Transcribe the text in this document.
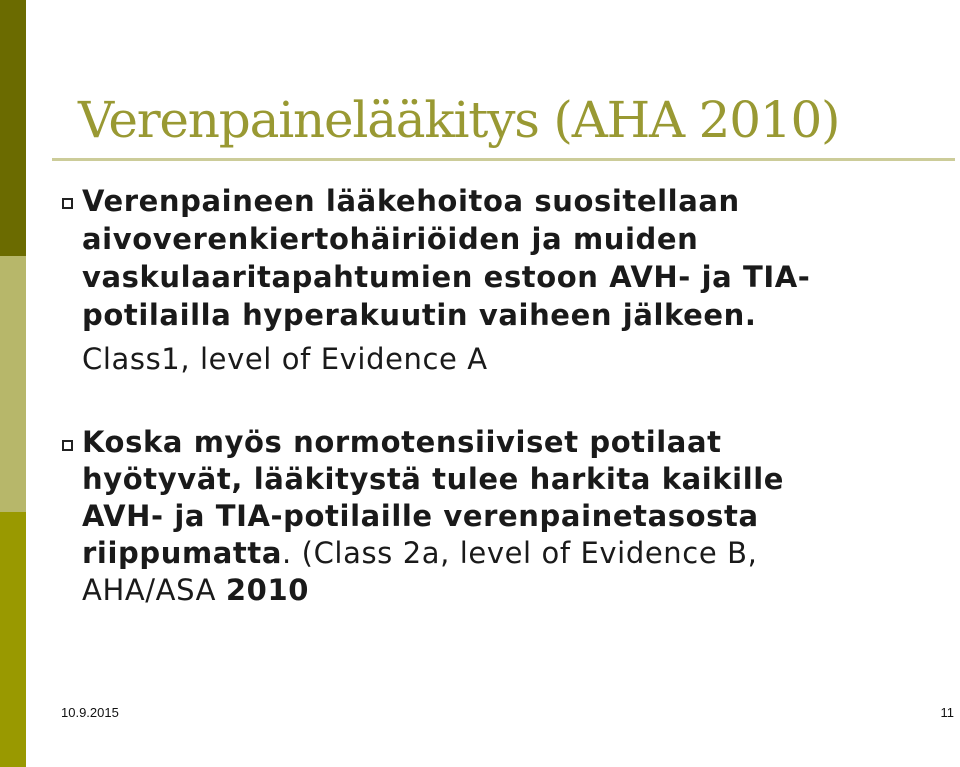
Verenpainelääkitys (AHA 2010)
Verenpaineen lääkehoitoa suositellaan
aivoverenkiertohäiriöiden ja muiden
vaskulaaritapahtumien estoon AVH- ja TIA-
potilailla hyperakuutin vaiheen jälkeen.
Class1, level of Evidence A
Koska myös normotensiiviset potilaat
hyötyvät, lääkitystä tulee harkita kaikille
AVH- ja TIA-potilaille verenpainetasosta
riippumatta. (Class 2a, level of Evidence B,
AHA/ASA 2010
10.9.2015	11
